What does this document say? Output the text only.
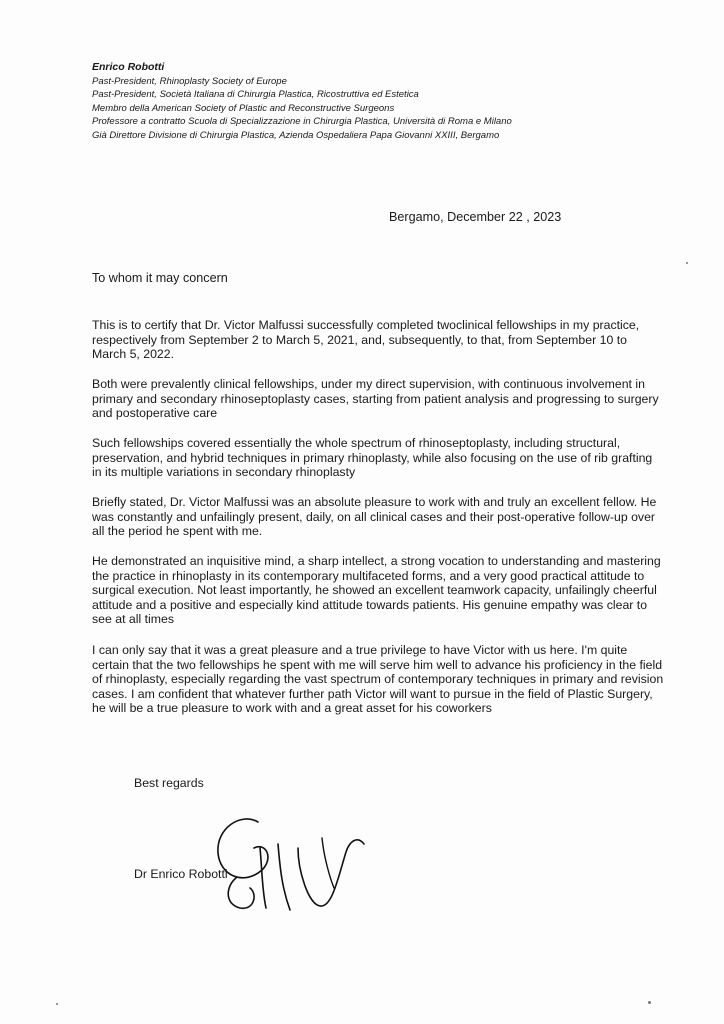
Enrico Robotti

Past-President, Rhinoplasty Society of Europe

Past-President, Società Italiana di Chirurgia Plastica, Ricostruttiva ed Estetica

Membro della American Society of Plastic and Reconstructive Surgeons

Professore a contratto Scuola di Specializzazione in Chirurgia Plastica, Università di Roma e Milano

Già Direttore Divisione di Chirurgia Plastica, Azienda Ospedaliera Papa Giovanni XXIII, Bergamo

Bergamo, December 22 , 2023
To whom it may concern

This is to certify that Dr. Victor Malfussi successfully completed twoclinical fellowships in my practice, respectively from September 2 to March 5, 2021, and, subsequently, to that, from September 10 to March 5, 2022.

Both were prevalently clinical fellowships, under my direct supervision, with continuous involvement in primary and secondary rhinoseptoplasty cases, starting from patient analysis and progressing to surgery and postoperative care

Such fellowships covered essentially the whole spectrum of rhinoseptoplasty, including structural, preservation, and hybrid techniques in primary rhinoplasty, while also focusing on the use of rib grafting in its multiple variations in secondary rhinoplasty

Briefly stated, Dr. Victor Malfussi was an absolute pleasure to work with and truly an excellent fellow. He was constantly and unfailingly present, daily, on all clinical cases and their post-operative follow-up over all the period he spent with me.

He demonstrated an inquisitive mind, a sharp intellect, a strong vocation to understanding and mastering the practice in rhinoplasty in its contemporary multifaceted forms, and a very good practical attitude to surgical execution. Not least importantly, he showed an excellent teamwork capacity, unfailingly cheerful attitude and a positive and especially kind attitude towards patients. His genuine empathy was clear to see at all times

I can only say that it was a great pleasure and a true privilege to have Victor with us here. I'm quite certain that the two fellowships he spent with me will serve him well to advance his proficiency in the field of rhinoplasty, especially regarding the vast spectrum of contemporary techniques in primary and revision cases. I am confident that whatever further path Victor will want to pursue in the field of Plastic Surgery, he will be a true pleasure to work with and a great asset for his coworkers

Best regards
Dr Enrico Robotti
